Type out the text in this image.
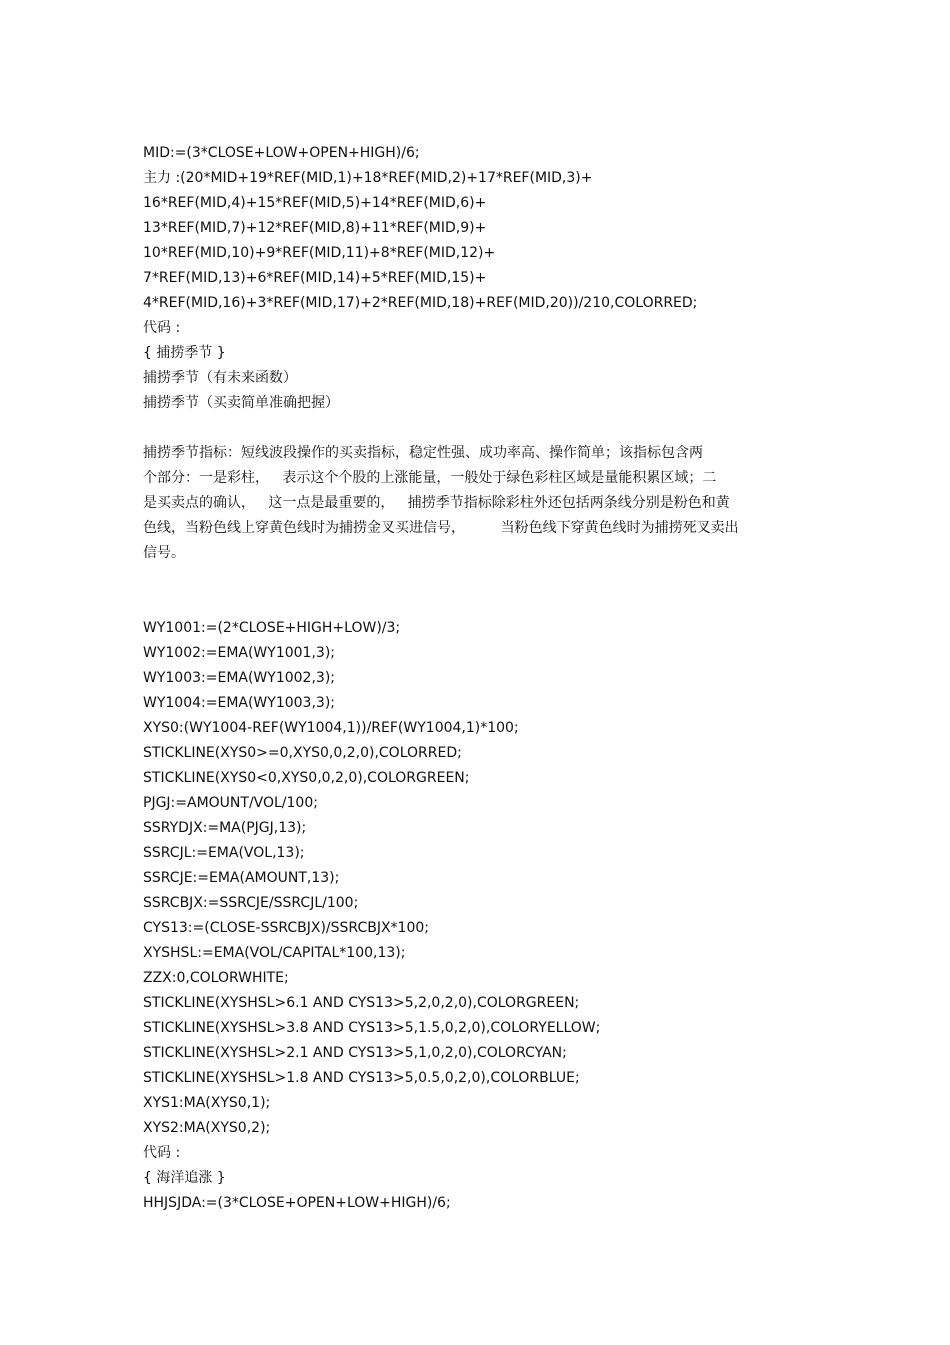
MID:=(3*CLOSE+LOW+OPEN+HIGH)/6;
主力 :(20*MID+19*REF(MID,1)+18*REF(MID,2)+17*REF(MID,3)+
16*REF(MID,4)+15*REF(MID,5)+14*REF(MID,6)+
13*REF(MID,7)+12*REF(MID,8)+11*REF(MID,9)+
10*REF(MID,10)+9*REF(MID,11)+8*REF(MID,12)+
7*REF(MID,13)+6*REF(MID,14)+5*REF(MID,15)+
4*REF(MID,16)+3*REF(MID,17)+2*REF(MID,18)+REF(MID,20))/210,COLORRED;
代码 :
{ 捕捞季节 }
捕捞季节（有未来函数）
捕捞季节（买卖简单准确把握）
捕捞季节指标：短线波段操作的买卖指标，稳定性强、成功率高、操作简单；该指标包含两
个部分：一是彩柱，   表示这个个股的上涨能量，一般处于绿色彩柱区域是量能积累区域；二
是买卖点的确认，   这一点是最重要的，   捕捞季节指标除彩柱外还包括两条线分别是粉色和黄
色线，当粉色线上穿黄色线时为捕捞金叉买进信号，        当粉色线下穿黄色线时为捕捞死叉卖出
信号。
WY1001:=(2*CLOSE+HIGH+LOW)/3;
WY1002:=EMA(WY1001,3);
WY1003:=EMA(WY1002,3);
WY1004:=EMA(WY1003,3);
XYS0:(WY1004-REF(WY1004,1))/REF(WY1004,1)*100;
STICKLINE(XYS0>=0,XYS0,0,2,0),COLORRED;
STICKLINE(XYS0<0,XYS0,0,2,0),COLORGREEN;
PJGJ:=AMOUNT/VOL/100;
SSRYDJX:=MA(PJGJ,13);
SSRCJL:=EMA(VOL,13);
SSRCJE:=EMA(AMOUNT,13);
SSRCBJX:=SSRCJE/SSRCJL/100;
CYS13:=(CLOSE-SSRCBJX)/SSRCBJX*100;
XYSHSL:=EMA(VOL/CAPITAL*100,13);
ZZX:0,COLORWHITE;
STICKLINE(XYSHSL>6.1 AND CYS13>5,2,0,2,0),COLORGREEN;
STICKLINE(XYSHSL>3.8 AND CYS13>5,1.5,0,2,0),COLORYELLOW;
STICKLINE(XYSHSL>2.1 AND CYS13>5,1,0,2,0),COLORCYAN;
STICKLINE(XYSHSL>1.8 AND CYS13>5,0.5,0,2,0),COLORBLUE;
XYS1:MA(XYS0,1);
XYS2:MA(XYS0,2);
代码 :
{ 海洋追涨 }
HHJSJDA:=(3*CLOSE+OPEN+LOW+HIGH)/6;
